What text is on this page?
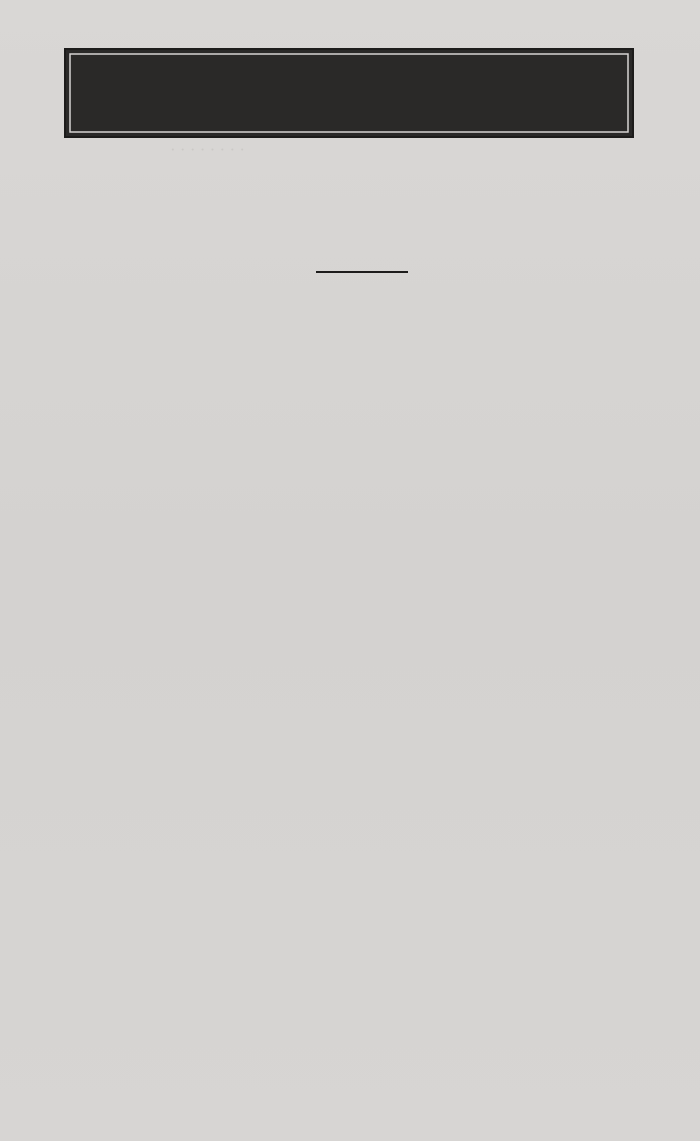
· · · · · · · ·
